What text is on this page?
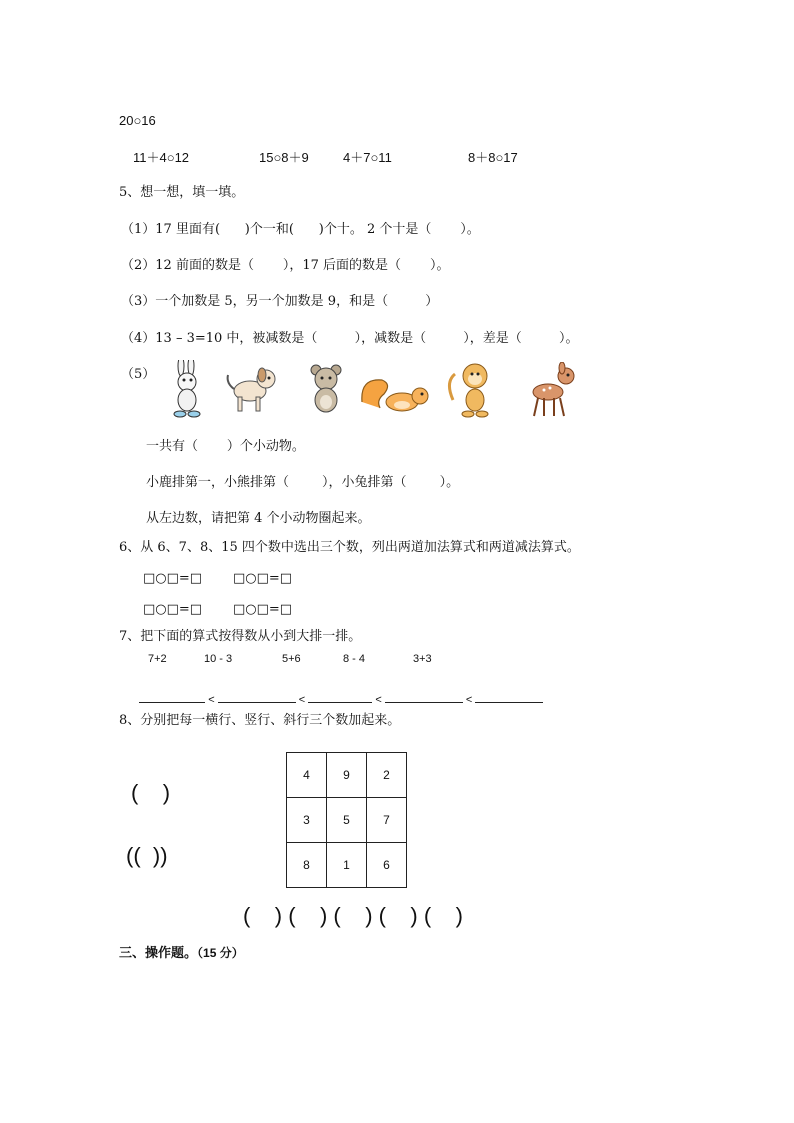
20○16
11＋4○12	15○8＋9	4＋7○11	8＋8○17
5、想一想，填一填。
（1）17 里面有(      )个一和(      )个十。 2 个十是（       ）。
（2）12 前面的数是（       ），17 后面的数是（       ）。
（3）一个加数是 5，另一个加数是 9，和是（         ）
（4）13 – 3=10 中，被减数是（         ），减数是（         ），差是（         ）。
（5）
一共有（       ）个小动物。
小鹿排第一，小熊排第（        ），小兔排第（        ）。
从左边数，请把第 4 个小动物圈起来。
6、从 6、7、8、15 四个数中选出三个数，列出两道加法算式和两道减法算式。
□○□=□ □○□=□
□○□=□ □○□=□
7、把下面的算式按得数从小到大排一排。
7+2	10 - 3	5+6	8 - 4	3+3

<	<	<	<

8、分别把每一横行、竖行、斜行三个数加起来。
(    )
((  ))
4	9	2
3	5	7
8	1	6
(    ) (    ) (    ) (    ) (    )
三、操作题。（15 分）
